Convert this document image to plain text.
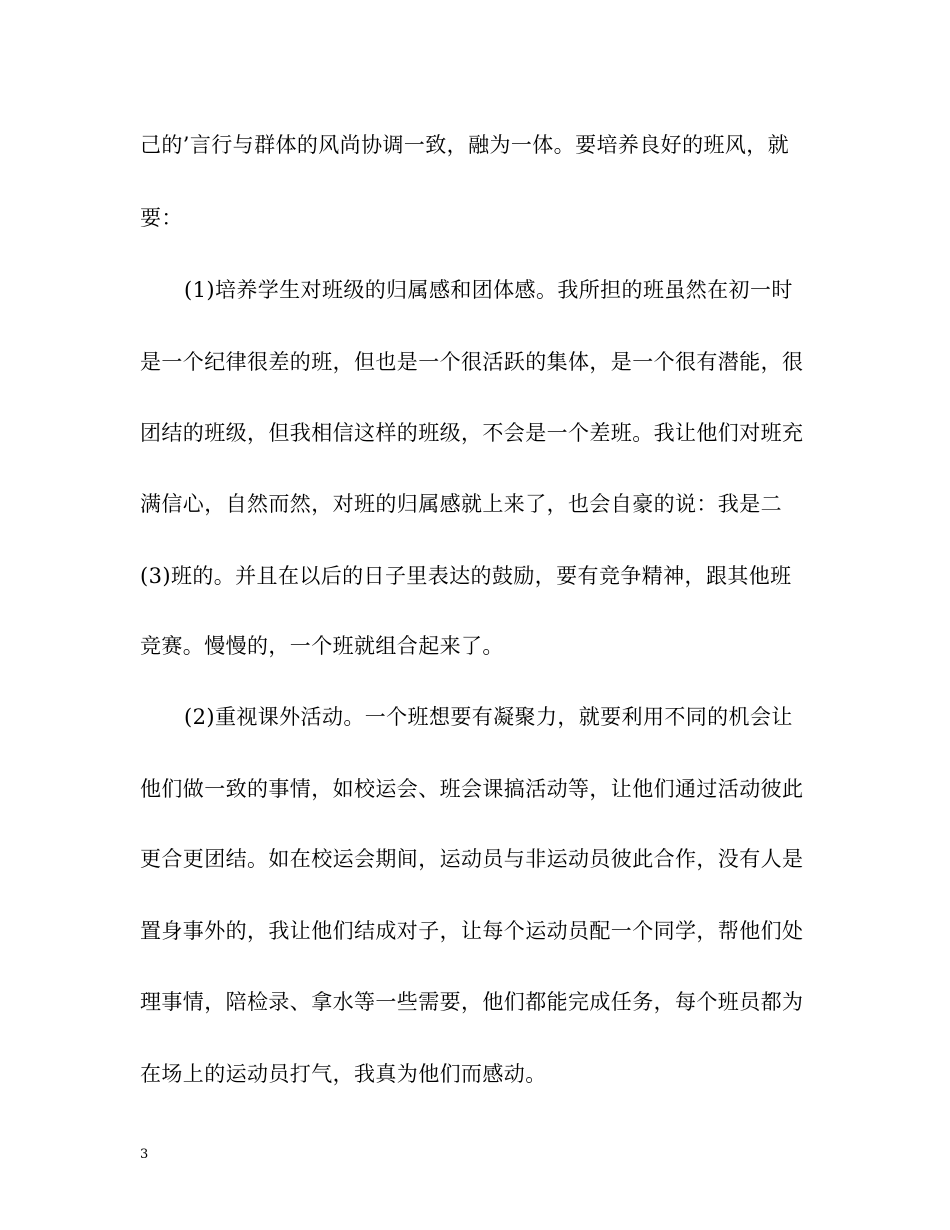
己的’言行与群体的风尚协调一致，融为一体。要培养良好的班风，就
要：
(1)培养学生对班级的归属感和团体感。我所担的班虽然在初一时
是一个纪律很差的班，但也是一个很活跃的集体，是一个很有潜能，很
团结的班级，但我相信这样的班级，不会是一个差班。我让他们对班充
满信心，自然而然，对班的归属感就上来了，也会自豪的说：我是二
(3)班的。并且在以后的日子里表达的鼓励，要有竞争精神，跟其他班
竞赛。慢慢的，一个班就组合起来了。
(2)重视课外活动。一个班想要有凝聚力，就要利用不同的机会让
他们做一致的事情，如校运会、班会课搞活动等，让他们通过活动彼此
更合更团结。如在校运会期间，运动员与非运动员彼此合作，没有人是
置身事外的，我让他们结成对子，让每个运动员配一个同学，帮他们处
理事情，陪检录、拿水等一些需要，他们都能完成任务，每个班员都为
在场上的运动员打气，我真为他们而感动。
3
